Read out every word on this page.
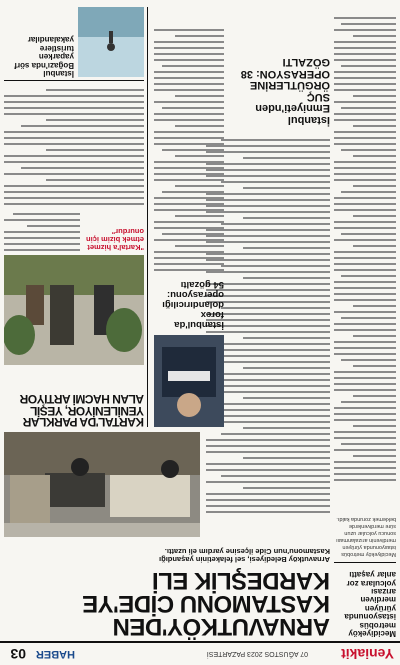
Yeniakit
07 AĞUSTOS 2023 PAZARTESİ
HABER
03
Mecidiyeköy metrobüs istasyonunda yürüyen merdiven arızası yolculara zor anlar yaşattı
Mecidiyeköy metrobüs istasyonunda yürüyen merdivenin arızalanması sonucu yolcular uzun süre merdivenlerde beklemek zorunda kaldı.
ARNAVUTKÖY'DEN KASTAMONU CİDE'YE KARDEŞLİK ELİ
Arnavutköy Belediyesi, sel felaketinin yaşandığı Kastamonu'nun Cide ilçesine yardım eli uzattı.
İstanbul Emniyeti'nden SUÇ ÖRGÜTLERİNE OPERASYON: 38 GÖZALTI
İstanbul'da forex dolandırıcılığı operasyonu: 54 gözaltı
KARTAL'DA PARKLAR YENİLENİYOR, YEŞİL ALAN HACMİ ARTIYOR
"Kartal'a hizmet etmek bizim için onurdur"
İstanbul Boğazı'nda sörf yaparken turistlere yakalandılar
